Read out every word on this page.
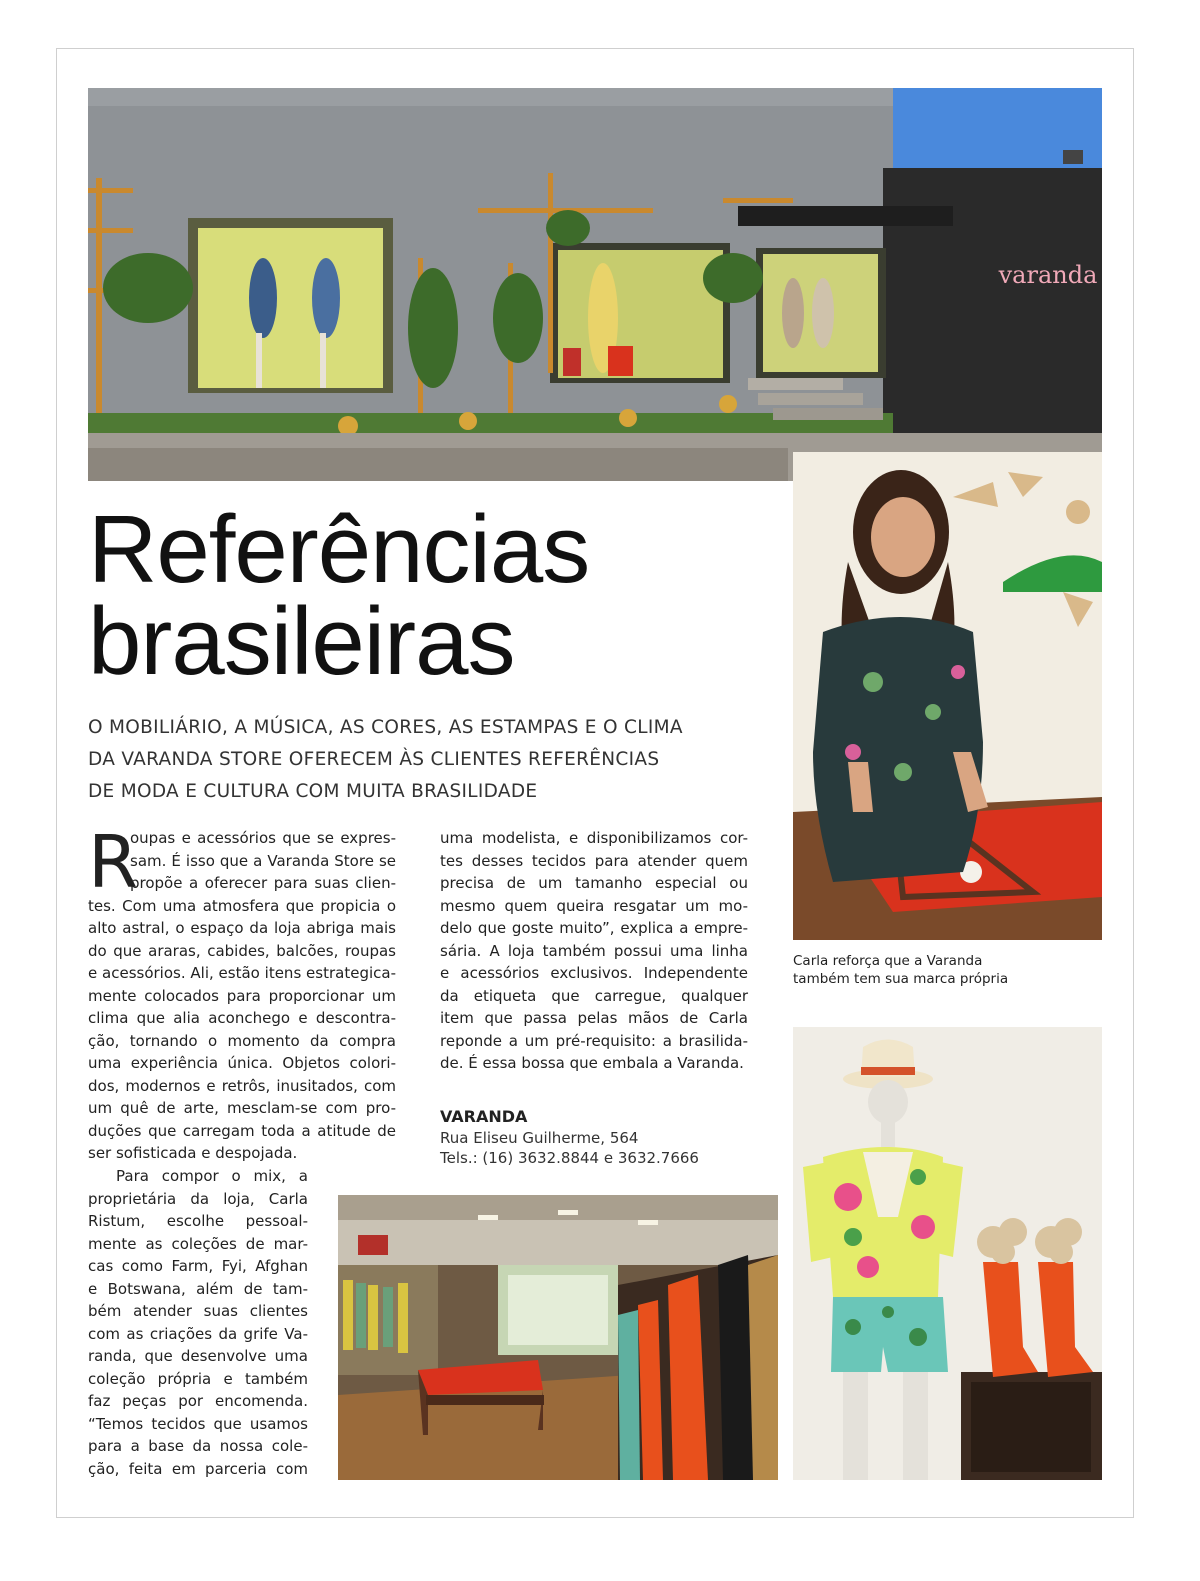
varanda
Referências
brasileiras
O MOBILIÁRIO, A MÚSICA, AS CORES, AS ESTAMPAS E O CLIMA
DA VARANDA STORE OFERECEM ÀS CLIENTES REFERÊNCIAS
DE MODA E CULTURA COM MUITA BRASILIDADE
R
oupas e acessórios que se expres-
sam. É isso que a Varanda Store se
propõe a oferecer para suas clien-
tes. Com uma atmosfera que propicia o
alto astral, o espaço da loja abriga mais
do que araras, cabides, balcões, roupas
e acessórios. Ali, estão itens estrategica-
mente colocados para proporcionar um
clima que alia aconchego e descontra-
ção, tornando o momento da compra
uma experiência única. Objetos colori-
dos, modernos e retrôs, inusitados, com
um quê de arte, mesclam-se com pro-
duções que carregam toda a atitude de
ser sofisticada e despojada.
Para compor o mix, a
proprietária da loja, Carla
Ristum, escolhe pessoal-
mente as coleções de mar-
cas como Farm, Fyi, Afghan
e Botswana, além de tam-
bém atender suas clientes
com as criações da grife Va-
randa, que desenvolve uma
coleção própria e também
faz peças por encomenda.
“Temos tecidos que usamos
para a base da nossa cole-
ção, feita em parceria com
uma modelista, e disponibilizamos cor-
tes desses tecidos para atender quem
precisa de um tamanho especial ou
mesmo quem queira resgatar um mo-
delo que goste muito”, explica a empre-
sária. A loja também possui uma linha
e acessórios exclusivos. Independente
da etiqueta que carregue, qualquer
item que passa pelas mãos de Carla
reponde a um pré-requisito: a brasilida-
de. É essa bossa que embala a Varanda.
VARANDA
Rua Eliseu Guilherme, 564
Tels.: (16) 3632.8844 e 3632.7666
Carla reforça que a Varanda
também tem sua marca própria
